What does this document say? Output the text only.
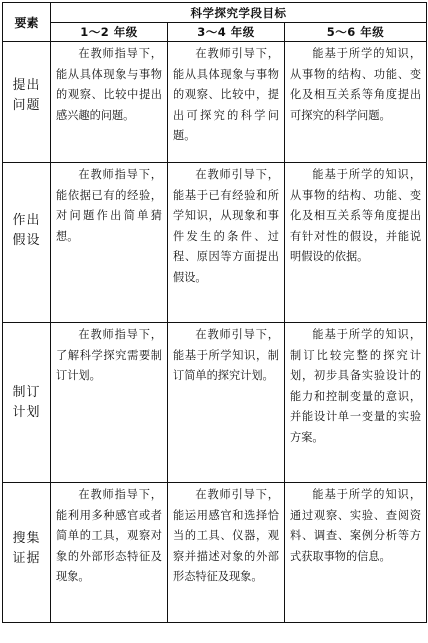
要素	科学探究学段目标		
	1～2 年级	3～4 年级	5～6 年级

提出
问题	在教师指导下，能从具体现象与事物的观察、比较中提出感兴趣的问题。	在教师引导下，能从具体现象与事物的观察、比较中，提出可探究的科学问题。	能基于所学的知识，从事物的结构、功能、变化及相互关系等角度提出可探究的科学问题。

作出
假设	在教师指导下，能依据已有的经验，对问题作出简单猜想。	在教师引导下，能基于已有经验和所学知识，从现象和事件发生的条件、过程、原因等方面提出假设。	能基于所学的知识，从事物的结构、功能、变化及相互关系等角度提出有针对性的假设，并能说明假设的依据。

制订
计划	在教师指导下，了解科学探究需要制订计划。	在教师引导下，能基于所学知识，制订简单的探究计划。	能基于所学的知识，制订比较完整的探究计划，初步具备实验设计的能力和控制变量的意识，并能设计单一变量的实验方案。

搜集
证据	在教师指导下，能利用多种感官或者简单的工具，观察对象的外部形态特征及现象。	在教师引导下，能运用感官和选择恰当的工具、仪器，观察并描述对象的外部形态特征及现象。	能基于所学的知识，通过观察、实验、查阅资料、调查、案例分析等方式获取事物的信息。
